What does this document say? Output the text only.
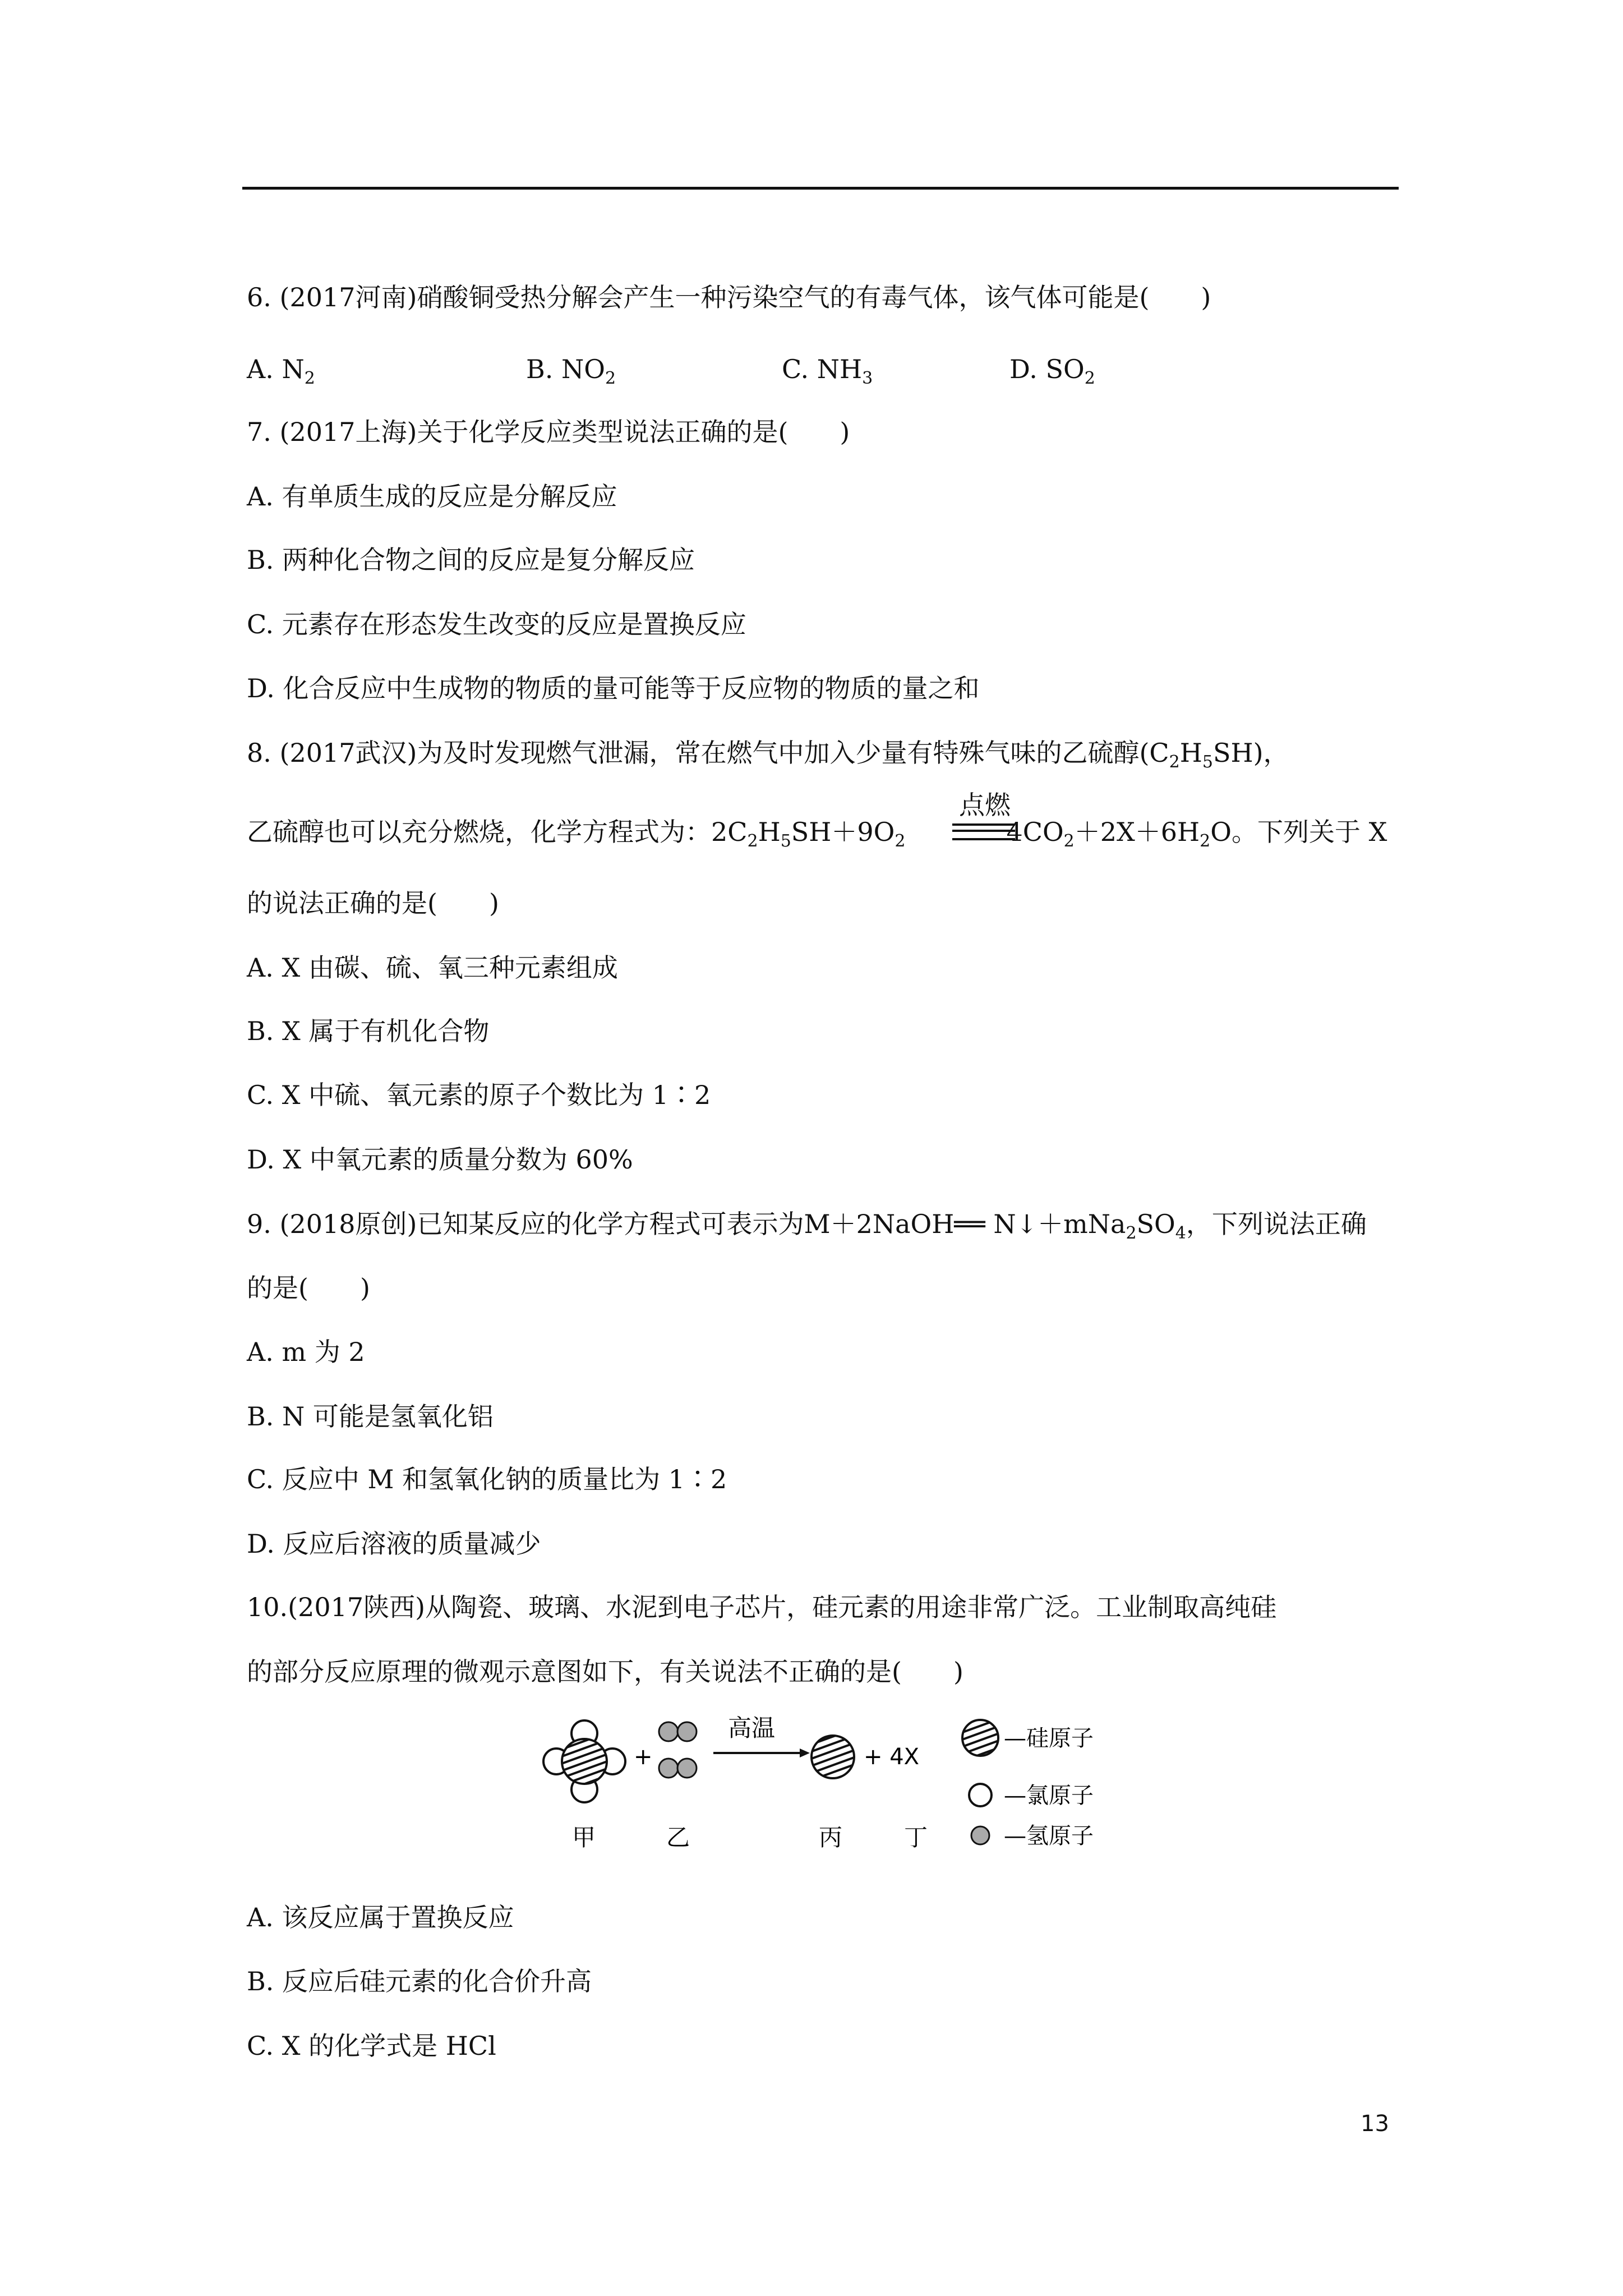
6. (2017河南)硝酸铜受热分解会产生一种污染空气的有毒气体，该气体可能是(　　)
A. $N_2$	B. $NO_2$	C. $NH_3$	D. $SO_2$
7. (2017上海)关于化学反应类型说法正确的是(　　)
A. 有单质生成的反应是分解反应
B. 两种化合物之间的反应是复分解反应
C. 元素存在形态发生改变的反应是置换反应
D. 化合反应中生成物的物质的量可能等于反应物的物质的量之和
8. (2017武汉)为及时发现燃气泄漏，常在燃气中加入少量有特殊气味的乙硫醇$(C_2H_5SH)$，
乙硫醇也可以充分燃烧，化学方程式为：$2C_2H_5SH+9O_2$	$4CO_2+2X+6H_2O$。下列关于 X
点燃
的说法正确的是(　　)
A. X 由碳、硫、氧三种元素组成
B. X 属于有机化合物
C. X 中硫、氧元素的原子个数比为 1∶2
D. X 中氧元素的质量分数为 60%
9. (2018原创)已知某反应的化学方程式可表示为M＋2NaOH══ $N↓+mNa_2SO_4$，下列说法正确
的是(　　)
A. m 为 2
B. N 可能是氢氧化铝
C. 反应中 M 和氢氧化钠的质量比为 1∶2
D. 反应后溶液的质量减少
10.(2017陕西)从陶瓷、玻璃、水泥到电子芯片，硅元素的用途非常广泛。工业制取高纯硅
的部分反应原理的微观示意图如下，有关说法不正确的是(　　)
+
高温
+ 4X
甲	乙	丙	丁
—硅原子
—氯原子
—氢原子
A. 该反应属于置换反应
B. 反应后硅元素的化合价升高
C. X 的化学式是 HCl
13
